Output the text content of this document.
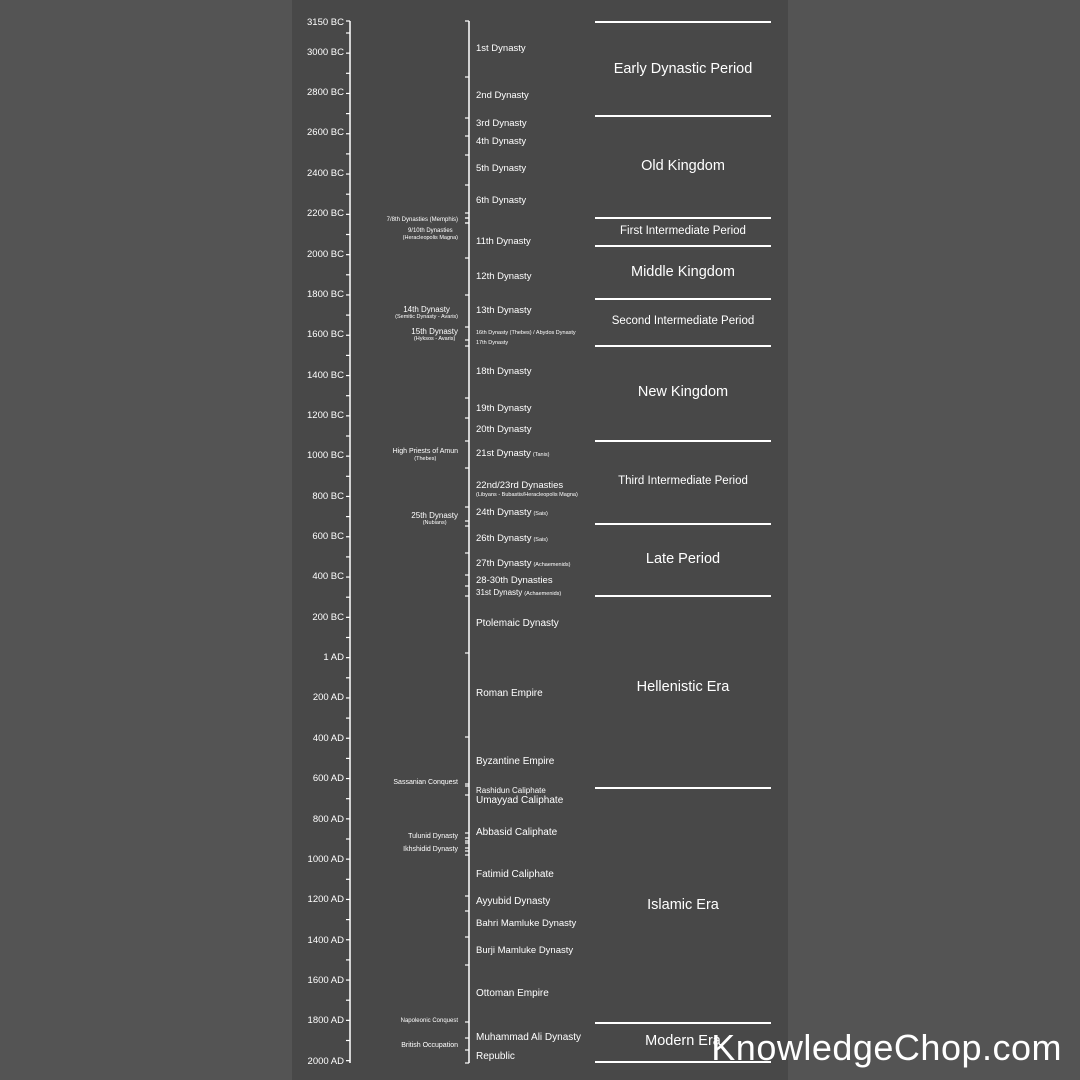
3150 BC
3000 BC
2800 BC
2600 BC
2400 BC
2200 BC
2000 BC
1800 BC
1600 BC
1400 BC
1200 BC
1000 BC
800 BC
600 BC
400 BC
200 BC
1 AD
200 AD
400 AD
600 AD
800 AD
1000 AD
1200 AD
1400 AD
1600 AD
1800 AD
2000 AD
1st Dynasty
2nd Dynasty
3rd Dynasty
4th Dynasty
5th Dynasty
6th Dynasty
11th Dynasty
12th Dynasty
13th Dynasty
16th Dynasty (Thebes) / Abydos Dynasty
17th Dynasty
18th Dynasty
19th Dynasty
20th Dynasty
21st Dynasty (Tanis)
22nd/23rd Dynasties
(Libyans - Bubastis/Heracleopolis Magna)
24th Dynasty (Sais)
26th Dynasty (Sais)
27th Dynasty (Achaemenids)
28-30th Dynasties
31st Dynasty (Achaemenids)
Ptolemaic Dynasty
Roman Empire
Byzantine Empire
Rashidun Caliphate
Umayyad Caliphate
Abbasid Caliphate
Fatimid Caliphate
Ayyubid Dynasty
Bahri Mamluke Dynasty
Burji Mamluke Dynasty
Ottoman Empire
Muhammad Ali Dynasty
Republic
7/8th Dynasties (Memphis)
9/10th Dynasties
(Heracleopolis Magna)
14th Dynasty
(Semitic Dynasty - Avaris)
15th Dynasty
(Hyksos - Avaris)
High Priests of Amun
(Thebes)
25th Dynasty
(Nubians)
Sassanian Conquest
Tulunid Dynasty
Ikhshidid Dynasty
Napoleonic Conquest
British Occupation
Early Dynastic Period
Old Kingdom
First Intermediate Period
Middle Kingdom
Second Intermediate Period
New Kingdom
Third Intermediate Period
Late Period
Hellenistic Era
Islamic Era
Modern Era
KnowledgeChop.com
